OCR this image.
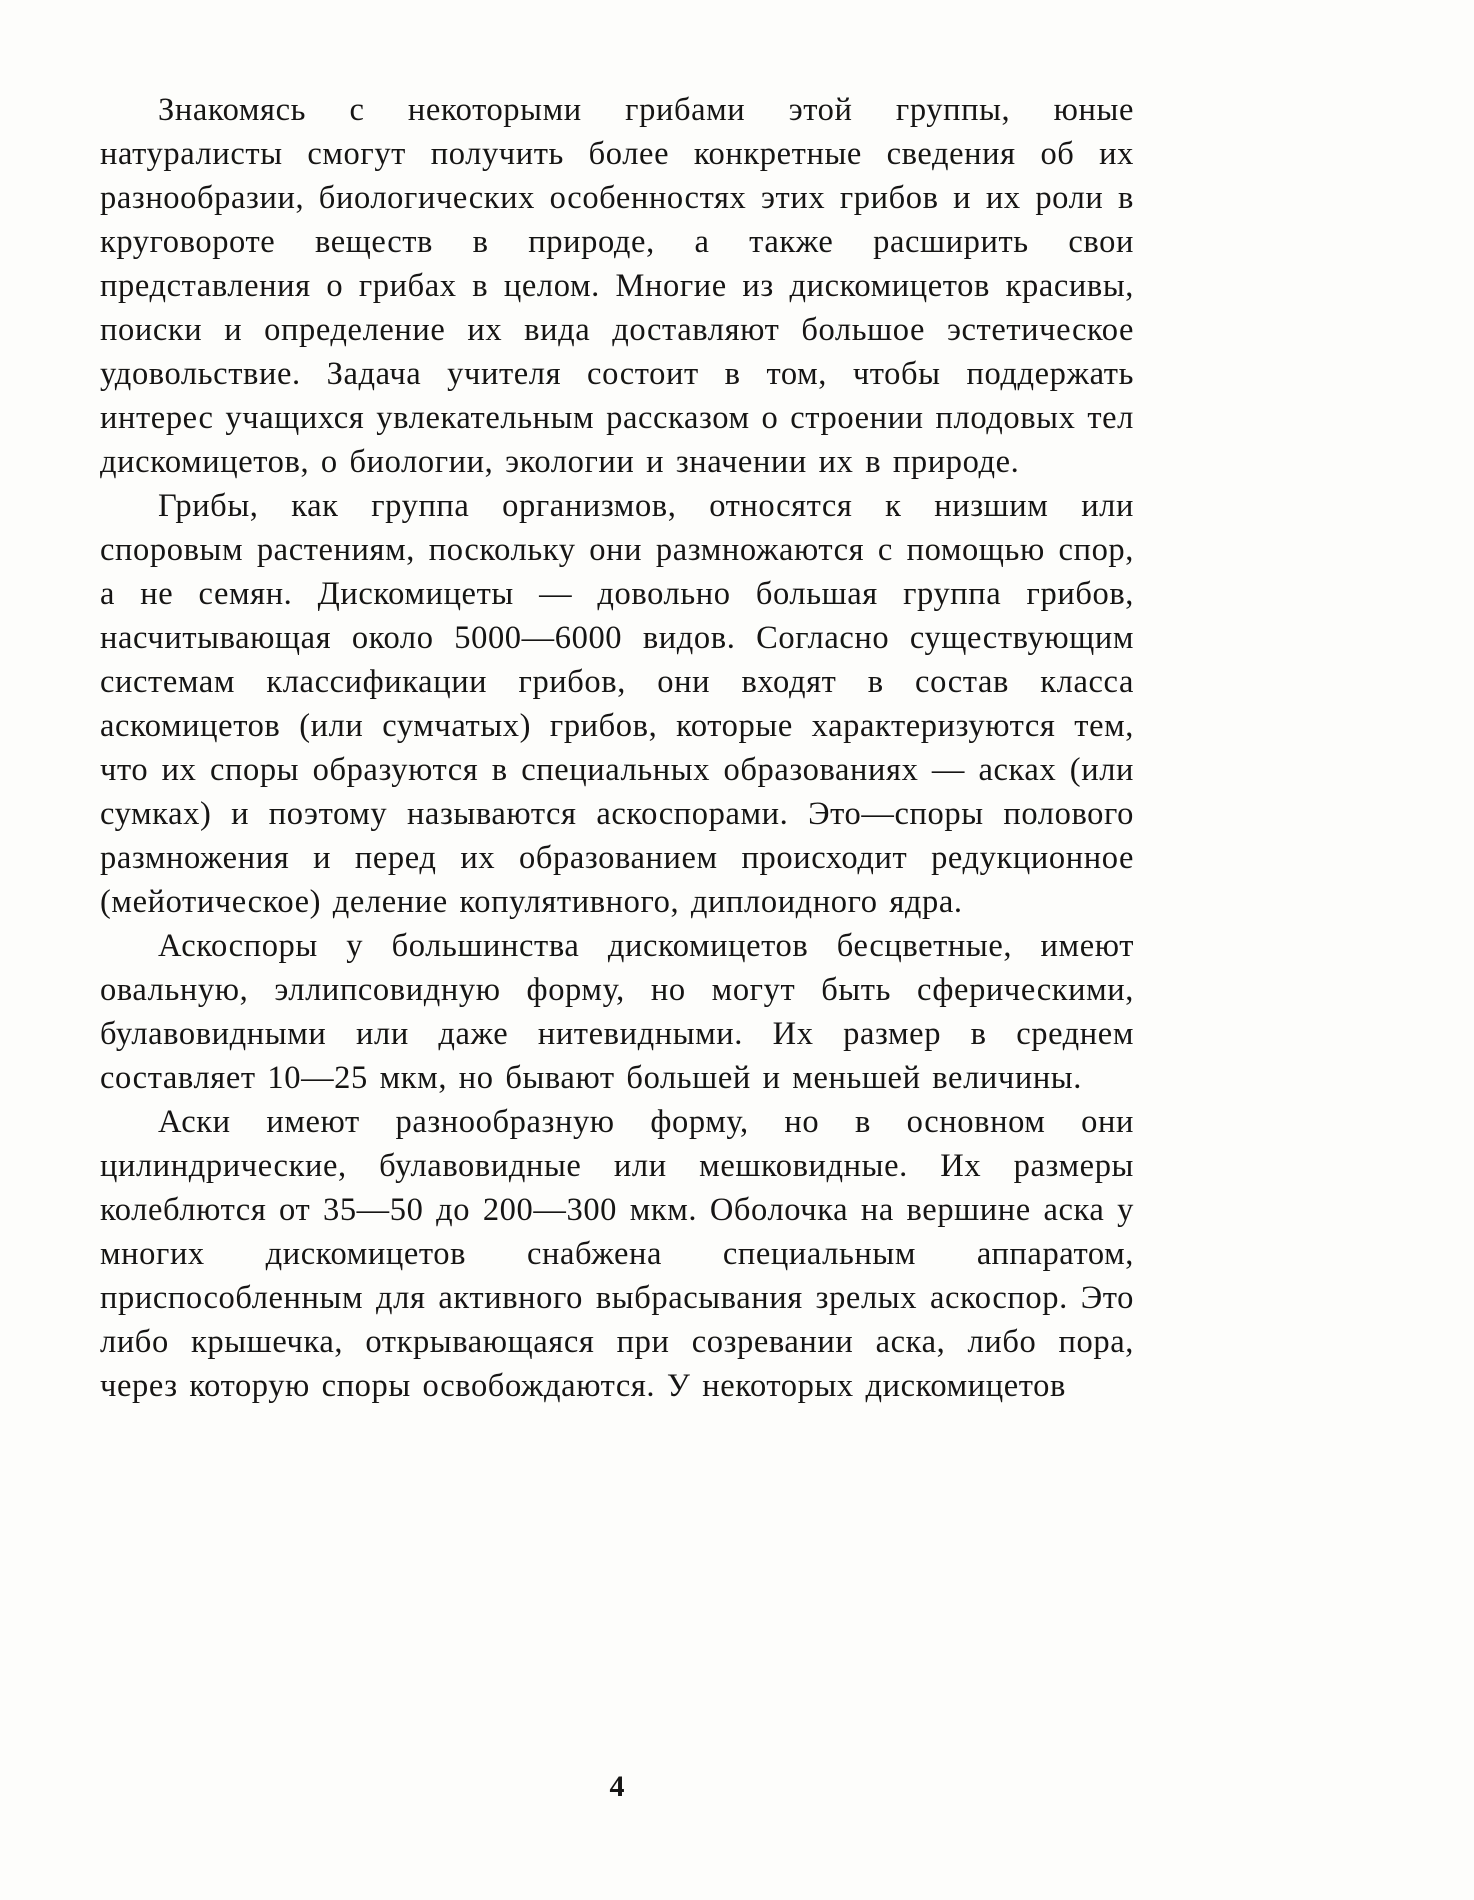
Знакомясь с некоторыми грибами этой группы, юные натуралисты смогут получить более конкретные сведения об их разнообразии, биологических особенностях этих грибов и их роли в круговороте веществ в природе, а также расширить свои представления о грибах в целом. Многие из дискомицетов красивы, поиски и определение их вида доставляют большое эстетическое удовольствие. Задача учителя состоит в том, чтобы поддержать интерес учащихся увлекательным рассказом о строении плодовых тел дискомицетов, о биологии, экологии и значении их в природе.

Грибы, как группа организмов, относятся к низшим или споровым растениям, поскольку они размножаются с помощью спор, а не семян. Дискомицеты — довольно большая группа грибов, насчитывающая около 5000—6000 видов. Согласно существующим системам классификации грибов, они входят в состав класса аскомицетов (или сумчатых) грибов, которые характеризуются тем, что их споры образуются в специальных образованиях — асках (или сумках) и поэтому называются аскоспорами. Это—споры полового размножения и перед их образованием происходит редукционное (мейотическое) деление копулятивного, диплоидного ядра.

Аскоспоры у большинства дискомицетов бесцветные, имеют овальную, эллипсовидную форму, но могут быть сферическими, булавовидными или даже нитевидными. Их размер в среднем составляет 10—25 мкм, но бывают большей и меньшей величины.

Аски имеют разнообразную форму, но в основном они цилиндрические, булавовидные или мешковидные. Их размеры колеблются от 35—50 до 200—300 мкм. Оболочка на вершине аска у многих дискомицетов снабжена специальным аппаратом, приспособленным для активного выбрасывания зрелых аскоспор. Это либо крышечка, открывающаяся при созревании аска, либо пора, через которую споры освобождаются. У некоторых дискомицетов

4
